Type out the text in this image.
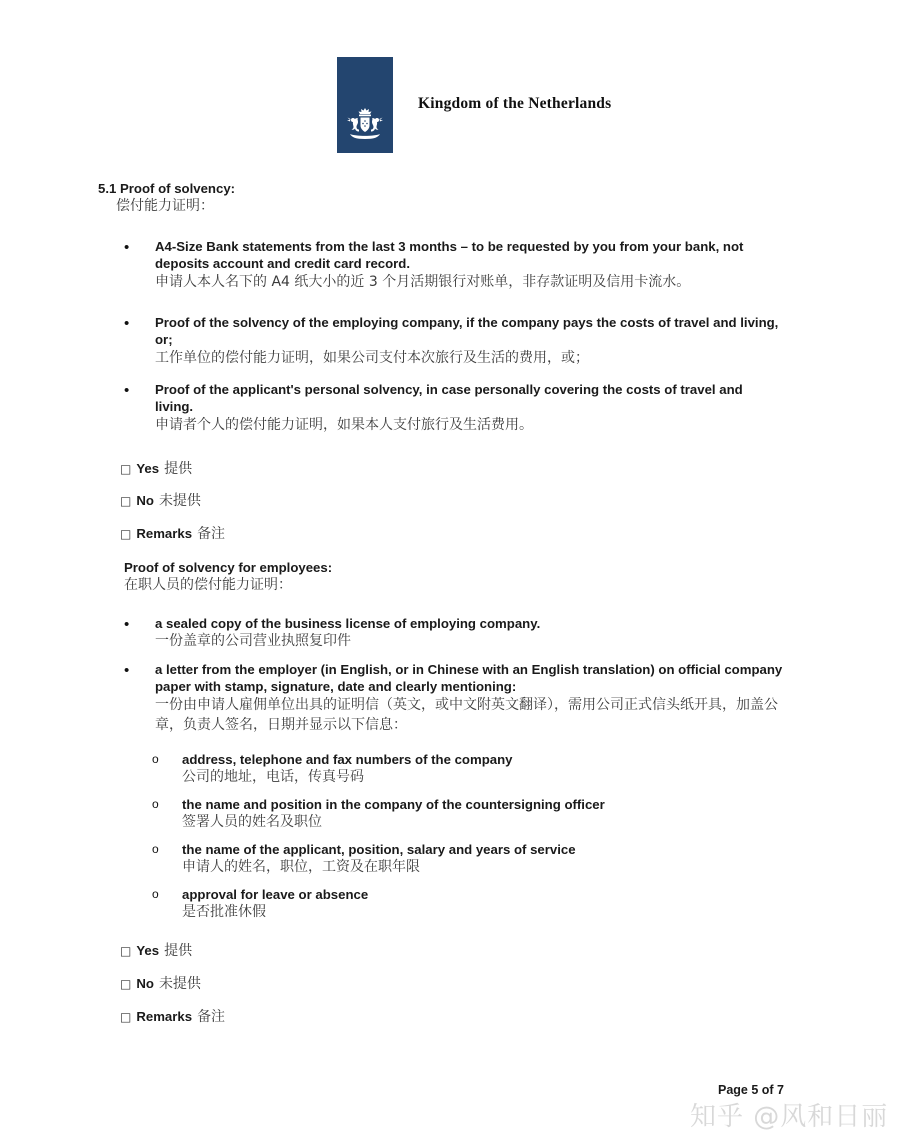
Kingdom of the Netherlands
5.1 Proof of solvency:
偿付能力证明：
•	A4-Size Bank statements from the last 3 months – to be requested by you from your bank, not deposits account and credit card record.
申请人本人名下的 A4 纸大小的近 3 个月活期银行对账单，非存款证明及信用卡流水。
•	Proof of the solvency of the employing company, if the company pays the costs of travel and living, or;
工作单位的偿付能力证明，如果公司支付本次旅行及生活的费用，或；
•	Proof of the applicant's personal solvency, in case personally covering the costs of travel and living.
申请者个人的偿付能力证明，如果本人支付旅行及生活费用。
□ Yes 提供
□ No 未提供
□ Remarks 备注
Proof of solvency for employees:
在职人员的偿付能力证明：
•	a sealed copy of the business license of employing company.
一份盖章的公司营业执照复印件
•	a letter from the employer (in English, or in Chinese with an English translation) on official company paper with stamp, signature, date and clearly mentioning:
一份由申请人雇佣单位出具的证明信（英文，或中文附英文翻译），需用公司正式信头纸开具，加盖公章，负责人签名，日期并显示以下信息：
o	address, telephone and fax numbers of the company
公司的地址，电话，传真号码
o	the name and position in the company of the countersigning officer
签署人员的姓名及职位
o	the name of the applicant, position, salary and years of service
申请人的姓名，职位，工资及在职年限
o	approval for leave or absence
是否批准休假
□ Yes 提供
□ No 未提供
□ Remarks 备注
Page 5 of 7
知乎 @风和日丽
